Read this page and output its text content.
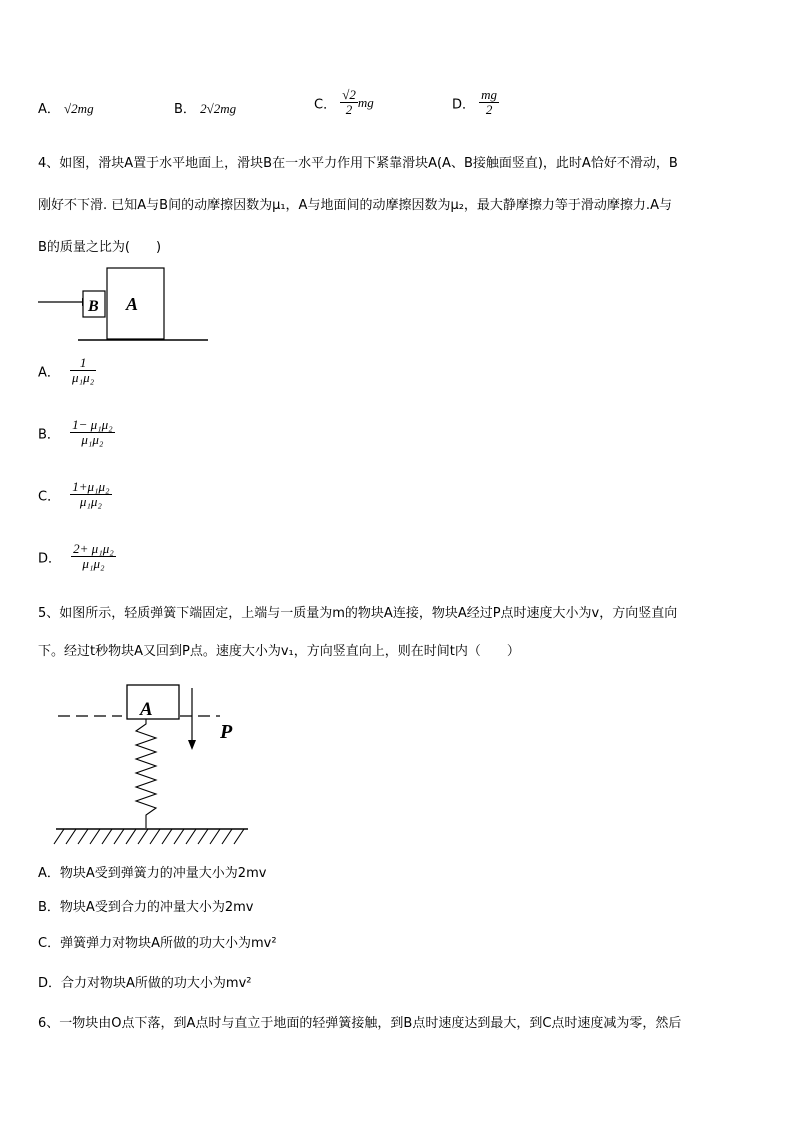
A． √2mg	B． 2√2mg	C． $\frac{√2}{2}$ mg	D． $\frac{mg}{2}$
4、如图，滑块A置于水平地面上，滑块B在一水平力作用下紧靠滑块A(A、B接触面竖直)，此时A恰好不滑动，B
刚好不下滑. 已知A与B间的动摩擦因数为μ₁，A与地面间的动摩擦因数为μ₂，最大静摩擦力等于滑动摩擦力.A与
B的质量之比为(　　)
B A
A． $\frac{1}{\text{μ₁μ₂}}$
B． $\frac{\text{1− μ₁μ₂}}{\text{μ₁μ₂}}$
C． $\frac{\text{1+μ₁μ₂}}{\text{μ₁μ₂}}$
D． $\frac{\text{2+ μ₁μ₂}}{\text{μ₁μ₂}}$
5、如图所示，轻质弹簧下端固定，上端与一质量为m的物块A连接，物块A经过P点时速度大小为v，方向竖直向
下。经过t秒物块A又回到P点。速度大小为v₁，方向竖直向上，则在时间t内（　　）
A
P
A．物块A受到弹簧力的冲量大小为2mv
B．物块A受到合力的冲量大小为2mv
C．弹簧弹力对物块A所做的功大小为mv²
D．合力对物块A所做的功大小为mv²
6、一物块由O点下落，到A点时与直立于地面的轻弹簧接触，到B点时速度达到最大，到C点时速度减为零，然后
